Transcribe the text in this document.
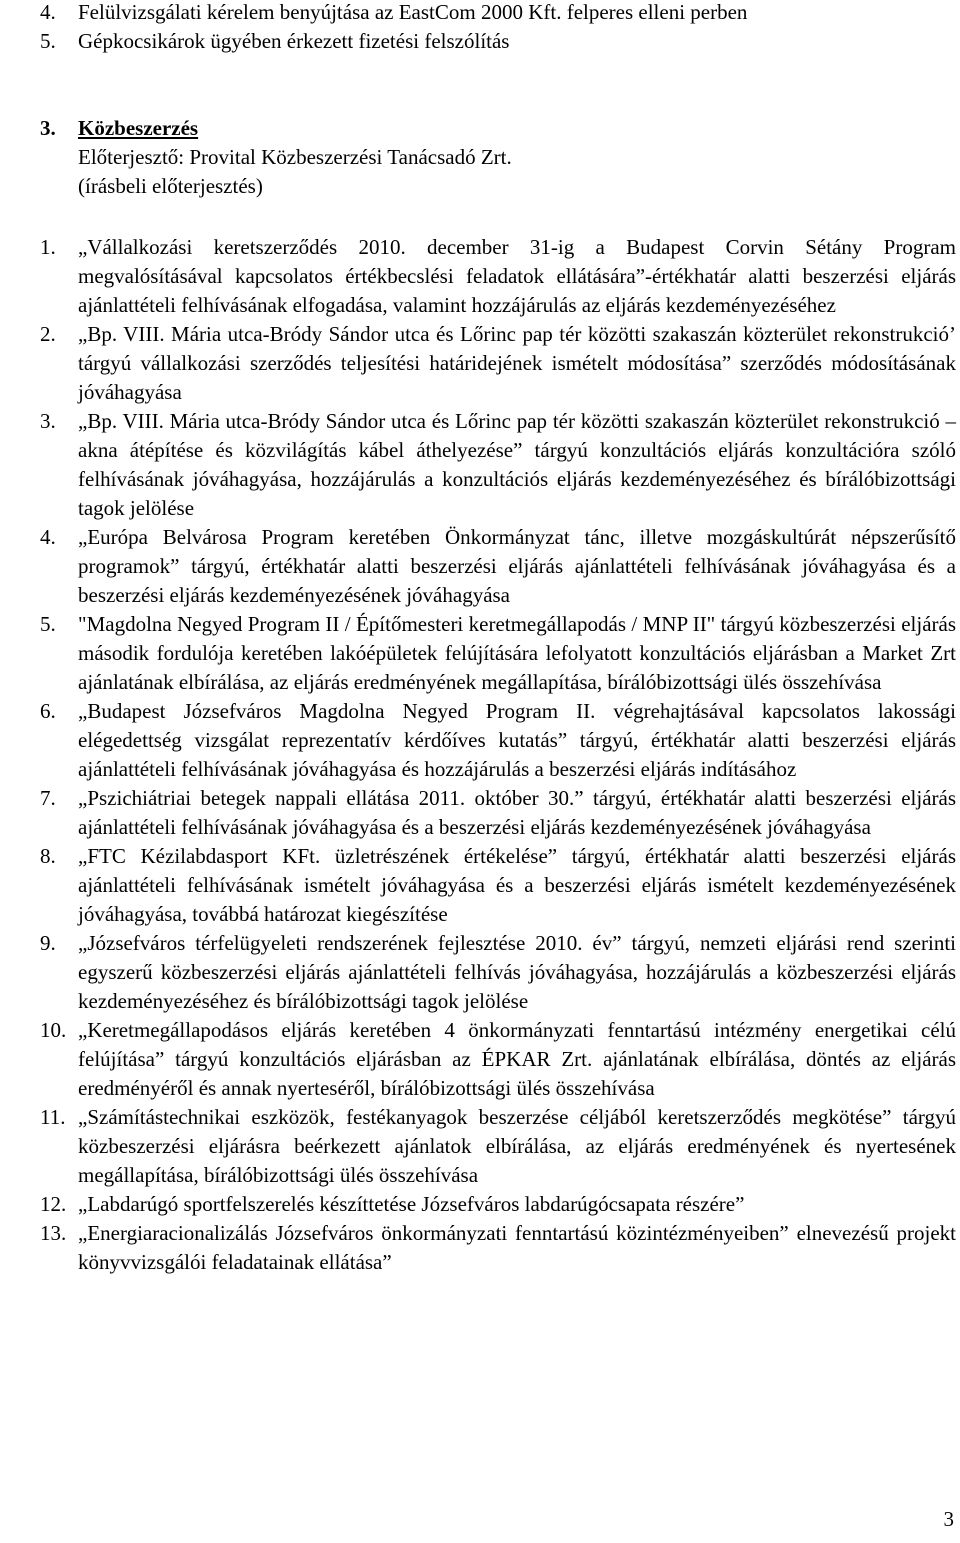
4.	Felülvizsgálati kérelem benyújtása az EastCom 2000 Kft. felperes elleni perben
5.	Gépkocsikárok ügyében érkezett fizetési felszólítás
3.	Közbeszerzés
Előterjesztő: Provital Közbeszerzési Tanácsadó Zrt.
(írásbeli előterjesztés)
1.	„Vállalkozási keretszerződés 2010. december 31-ig a Budapest Corvin Sétány Program megvalósításával kapcsolatos értékbecslési feladatok ellátására”-értékhatár alatti beszerzési eljárás ajánlattételi felhívásának elfogadása, valamint hozzájárulás az eljárás kezdeményezéséhez
2.	„Bp. VIII. Mária utca-Bródy Sándor utca és Lőrinc pap tér közötti szakaszán közterület rekonstrukció’ tárgyú vállalkozási szerződés teljesítési határidejének ismételt módosítása” szerződés módosításának jóváhagyása
3.	„Bp. VIII. Mária utca-Bródy Sándor utca és Lőrinc pap tér közötti szakaszán közterület rekonstrukció – akna átépítése és közvilágítás kábel áthelyezése” tárgyú konzultációs eljárás konzultációra szóló felhívásának jóváhagyása, hozzájárulás a konzultációs eljárás kezdeményezéséhez és bírálóbizottsági tagok jelölése
4.	„Európa Belvárosa Program keretében Önkormányzat tánc, illetve mozgáskultúrát népszerűsítő programok” tárgyú, értékhatár alatti beszerzési eljárás ajánlattételi felhívásának jóváhagyása és a beszerzési eljárás kezdeményezésének jóváhagyása
5.	"Magdolna Negyed Program II / Építőmesteri keretmegállapodás / MNP II" tárgyú közbeszerzési eljárás második fordulója keretében lakóépületek felújítására lefolyatott konzultációs eljárásban a Market Zrt ajánlatának elbírálása, az eljárás eredményének megállapítása, bírálóbizottsági ülés összehívása
6.	„Budapest Józsefváros Magdolna Negyed Program II. végrehajtásával kapcsolatos lakossági elégedettség vizsgálat reprezentatív kérdőíves kutatás” tárgyú, értékhatár alatti beszerzési eljárás ajánlattételi felhívásának jóváhagyása és hozzájárulás a beszerzési eljárás indításához
7.	„Pszichiátriai betegek nappali ellátása 2011. október 30.” tárgyú, értékhatár alatti beszerzési eljárás ajánlattételi felhívásának jóváhagyása és a beszerzési eljárás kezdeményezésének jóváhagyása
8.	„FTC Kézilabdasport KFt. üzletrészének értékelése” tárgyú, értékhatár alatti beszerzési eljárás ajánlattételi felhívásának ismételt jóváhagyása és a beszerzési eljárás ismételt kezdeményezésének jóváhagyása, továbbá határozat kiegészítése
9.	„Józsefváros térfelügyeleti rendszerének fejlesztése 2010. év” tárgyú, nemzeti eljárási rend szerinti egyszerű közbeszerzési eljárás ajánlattételi felhívás jóváhagyása, hozzájárulás a közbeszerzési eljárás kezdeményezéséhez és bírálóbizottsági tagok jelölése
10. „Keretmegállapodásos eljárás keretében 4 önkormányzati fenntartású intézmény energetikai célú felújítása” tárgyú konzultációs eljárásban az ÉPKAR Zrt. ajánlatának elbírálása, döntés az eljárás eredményéről és annak nyerteséről, bírálóbizottsági ülés összehívása
11. „Számítástechnikai eszközök, festékanyagok beszerzése céljából keretszerződés megkötése” tárgyú közbeszerzési eljárásra beérkezett ajánlatok elbírálása, az eljárás eredményének és nyertesének megállapítása, bírálóbizottsági ülés összehívása
12. „Labdarúgó sportfelszerelés készíttetése Józsefváros labdarúgócsapata részére”
13. „Energiaracionalizálás Józsefváros önkormányzati fenntartású közintézményeiben” elnevezésű projekt könyvvizsgálói feladatainak ellátása”
3
